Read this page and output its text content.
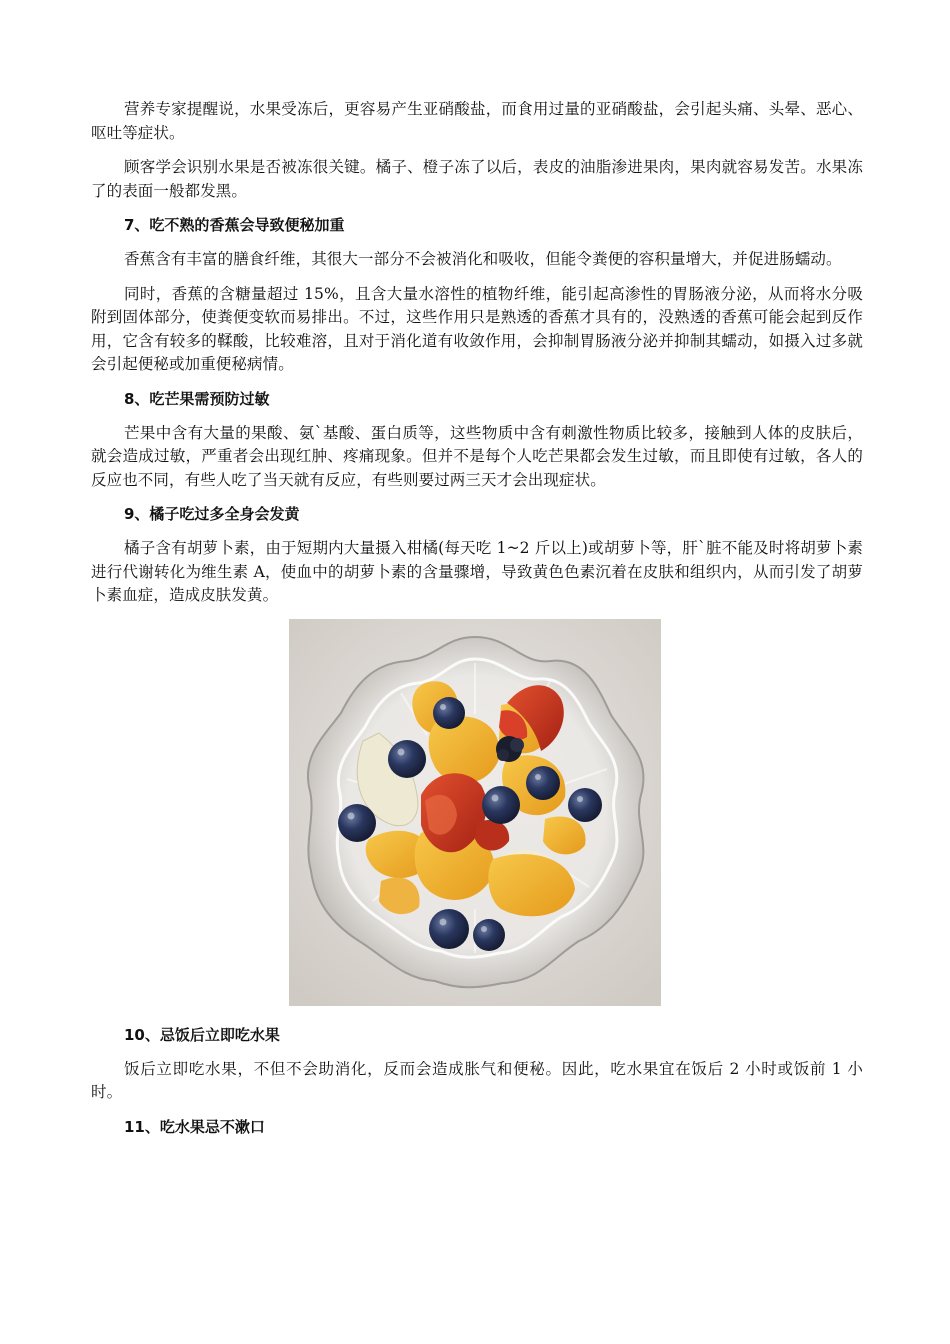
营养专家提醒说，水果受冻后，更容易产生亚硝酸盐，而食用过量的亚硝酸盐，会引起头痛、头晕、恶心、呕吐等症状。

顾客学会识别水果是否被冻很关键。橘子、橙子冻了以后，表皮的油脂渗进果肉，果肉就容易发苦。水果冻了的表面一般都发黑。

7、吃不熟的香蕉会导致便秘加重

香蕉含有丰富的膳食纤维，其很大一部分不会被消化和吸收，但能令粪便的容积量增大，并促进肠蠕动。

同时，香蕉的含糖量超过 15%，且含大量水溶性的植物纤维，能引起高渗性的胃肠液分泌，从而将水分吸附到固体部分，使粪便变软而易排出。不过，这些作用只是熟透的香蕉才具有的，没熟透的香蕉可能会起到反作用，它含有较多的鞣酸，比较难溶，且对于消化道有收敛作用，会抑制胃肠液分泌并抑制其蠕动，如摄入过多就会引起便秘或加重便秘病情。

8、吃芒果需预防过敏

芒果中含有大量的果酸、氨`基酸、蛋白质等，这些物质中含有刺激性物质比较多，接触到人体的皮肤后，就会造成过敏，严重者会出现红肿、疼痛现象。但并不是每个人吃芒果都会发生过敏，而且即使有过敏，各人的反应也不同，有些人吃了当天就有反应，有些则要过两三天才会出现症状。

9、橘子吃过多全身会发黄

橘子含有胡萝卜素，由于短期内大量摄入柑橘(每天吃 1~2 斤以上)或胡萝卜等，肝`脏不能及时将胡萝卜素进行代谢转化为维生素 A，使血中的胡萝卜素的含量骤增，导致黄色色素沉着在皮肤和组织内，从而引发了胡萝卜素血症，造成皮肤发黄。

10、忌饭后立即吃水果

饭后立即吃水果，不但不会助消化，反而会造成胀气和便秘。因此，吃水果宜在饭后 2 小时或饭前 1 小时。

11、吃水果忌不漱口
